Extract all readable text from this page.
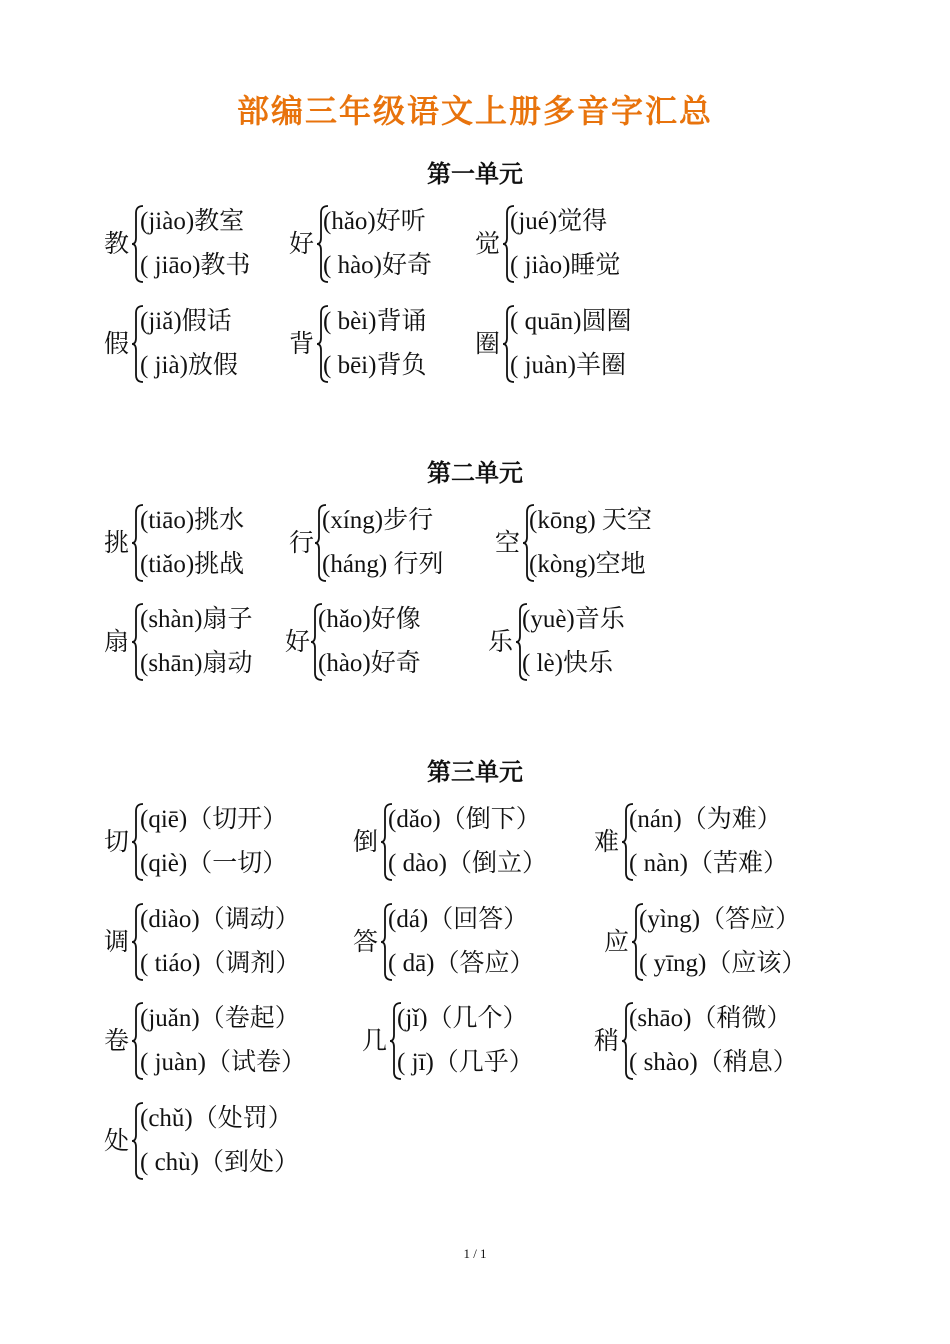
部编三年级语文上册多音字汇总
第一单元
教
(jiào)教室
( jiāo)教书
好
(hǎo)好听
( hào)好奇
觉
(jué)觉得
( jiào)睡觉
假
(jiǎ)假话
( jià)放假
背
( bèi)背诵
( bēi)背负
圈
( quān)圆圈
( juàn)羊圈
第二单元
挑
(tiāo)挑水
(tiǎo)挑战
行
(xíng)步行
(háng) 行列
空
(kōng) 天空
(kòng)空地
扇
(shàn)扇子
(shān)扇动
好
(hǎo)好像
(hào)好奇
乐
(yuè)音乐
( lè)快乐
第三单元
切
(qiē)（切开）
(qiè)（一切）
倒
(dǎo)（倒下）
( dào)（倒立）
难
(nán)（为难）
( nàn)（苦难）
调
(diào)（调动）
( tiáo)（调剂）
答
(dá)（回答）
( dā)（答应）
应
(yìng)（答应）
( yīng)（应该）
卷
(juǎn)（卷起）
( juàn)（试卷）
几
(jǐ)（几个）
( jī)（几乎）
稍
(shāo)（稍微）
( shào)（稍息）
处
(chǔ)（处罚）
( chù)（到处）
1 / 1
